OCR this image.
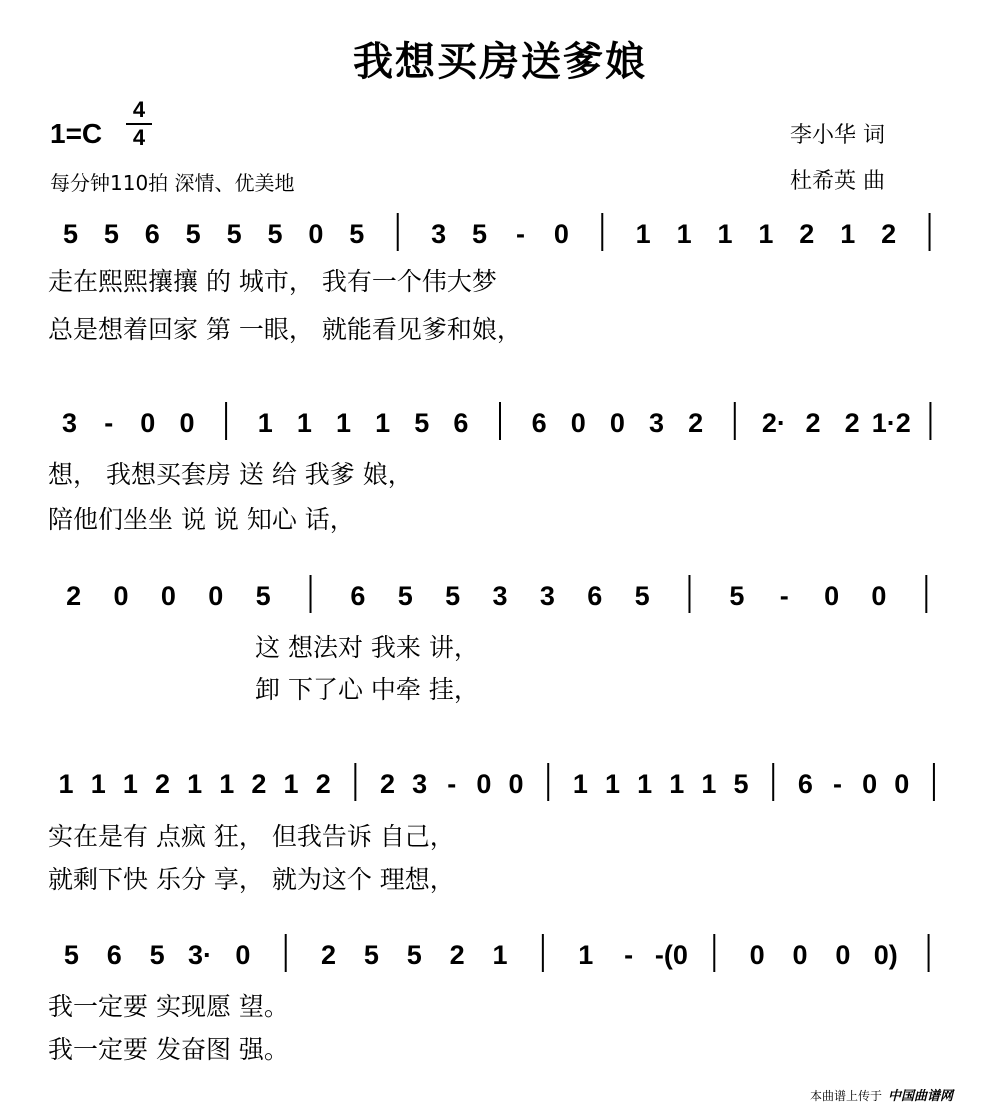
我想买房送爹娘
1=C
4
4
每分钟110拍 深情、优美地
李小华 词
杜希英 曲
5 5 6 5 5 5 0 5 3 5 - 0 1 1 1 1 2 1 2
3 - 0 0 1 1 1 1 5 6 6 0 0 3 2 2· 2 2 1·2
2 0 0 0 5	6 5 5 3 3 6 5	5 - 0 0
1 1 1 2 1 1 2 1 2 2 3 - 0 0 1 1 1 1 1 5 6 - 0 0
5 6 5 3· 0	2 5 5 2 1	1 - -(0 0 0 0 0)
走在熙熙攘攘 的 城市， 我有一个伟大梦
总是想着回家 第 一眼， 就能看见爹和娘，
想， 我想买套房 送 给 我爹 娘，
陪他们坐坐 说 说 知心 话，
这 想法对 我来 讲，
卸 下了心 中牵 挂，
实在是有 点疯 狂， 但我告诉 自己，
就剩下快 乐分 享， 就为这个 理想，
我一定要 实现愿 望。
我一定要 发奋图 强。
本曲谱上传于 中国曲谱网
